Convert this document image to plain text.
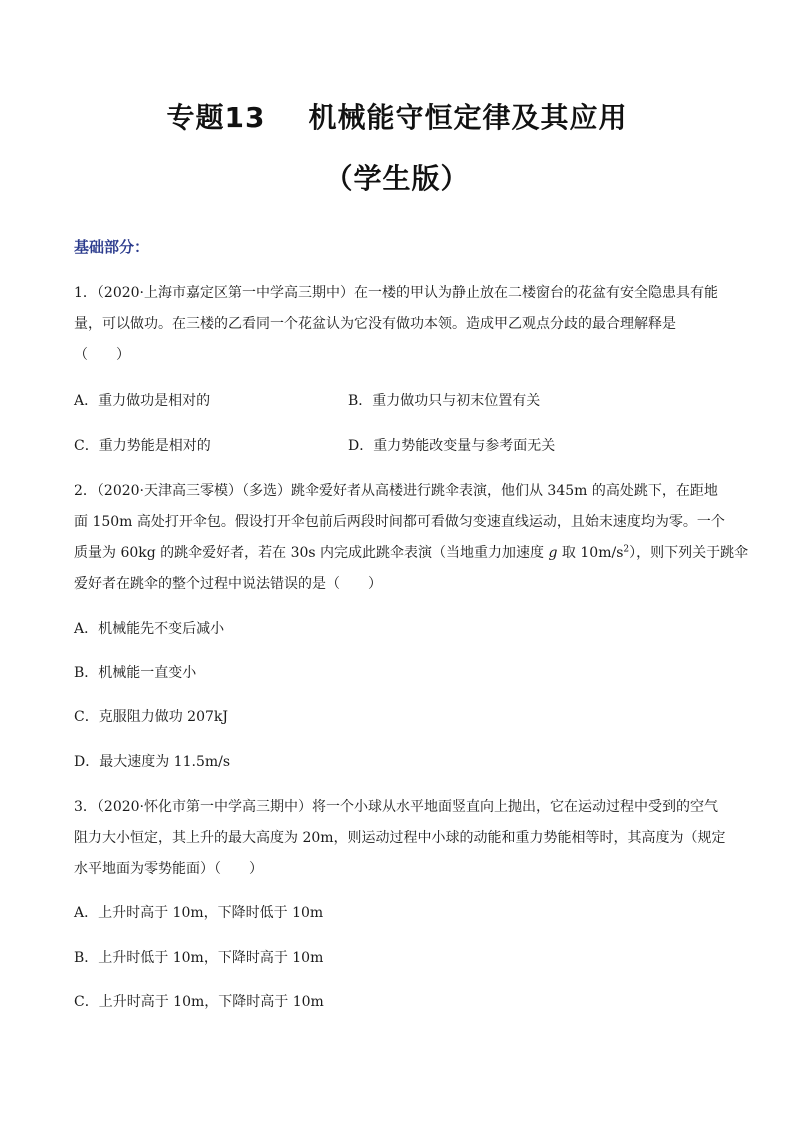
专题13    机械能守恒定律及其应用
（学生版）
基础部分：
1．（2020·上海市嘉定区第一中学高三期中）在一楼的甲认为静止放在二楼窗台的花盆有安全隐患具有能
量，可以做功。在三楼的乙看同一个花盆认为它没有做功本领。造成甲乙观点分歧的最合理解释是
（　　）
A．重力做功是相对的	B．重力做功只与初末位置有关
C．重力势能是相对的	D．重力势能改变量与参考面无关
2．（2020·天津高三零模）（多选）跳伞爱好者从高楼进行跳伞表演，他们从 345m 的高处跳下，在距地
面 150m 高处打开伞包。假设打开伞包前后两段时间都可看做匀变速直线运动，且始末速度均为零。一个
质量为 60kg 的跳伞爱好者，若在 30s 内完成此跳伞表演（当地重力加速度 g 取 $10m/s^2$），则下列关于跳伞
爱好者在跳伞的整个过程中说法错误的是（　　）
A．机械能先不变后减小
B．机械能一直变小
C．克服阻力做功 207kJ
D．最大速度为 11.5m/s
3．（2020·怀化市第一中学高三期中）将一个小球从水平地面竖直向上抛出，它在运动过程中受到的空气
阻力大小恒定，其上升的最大高度为 20m，则运动过程中小球的动能和重力势能相等时，其高度为（规定
水平地面为零势能面）（　　）
A．上升时高于 10m，下降时低于 10m
B．上升时低于 10m，下降时高于 10m
C．上升时高于 10m，下降时高于 10m
